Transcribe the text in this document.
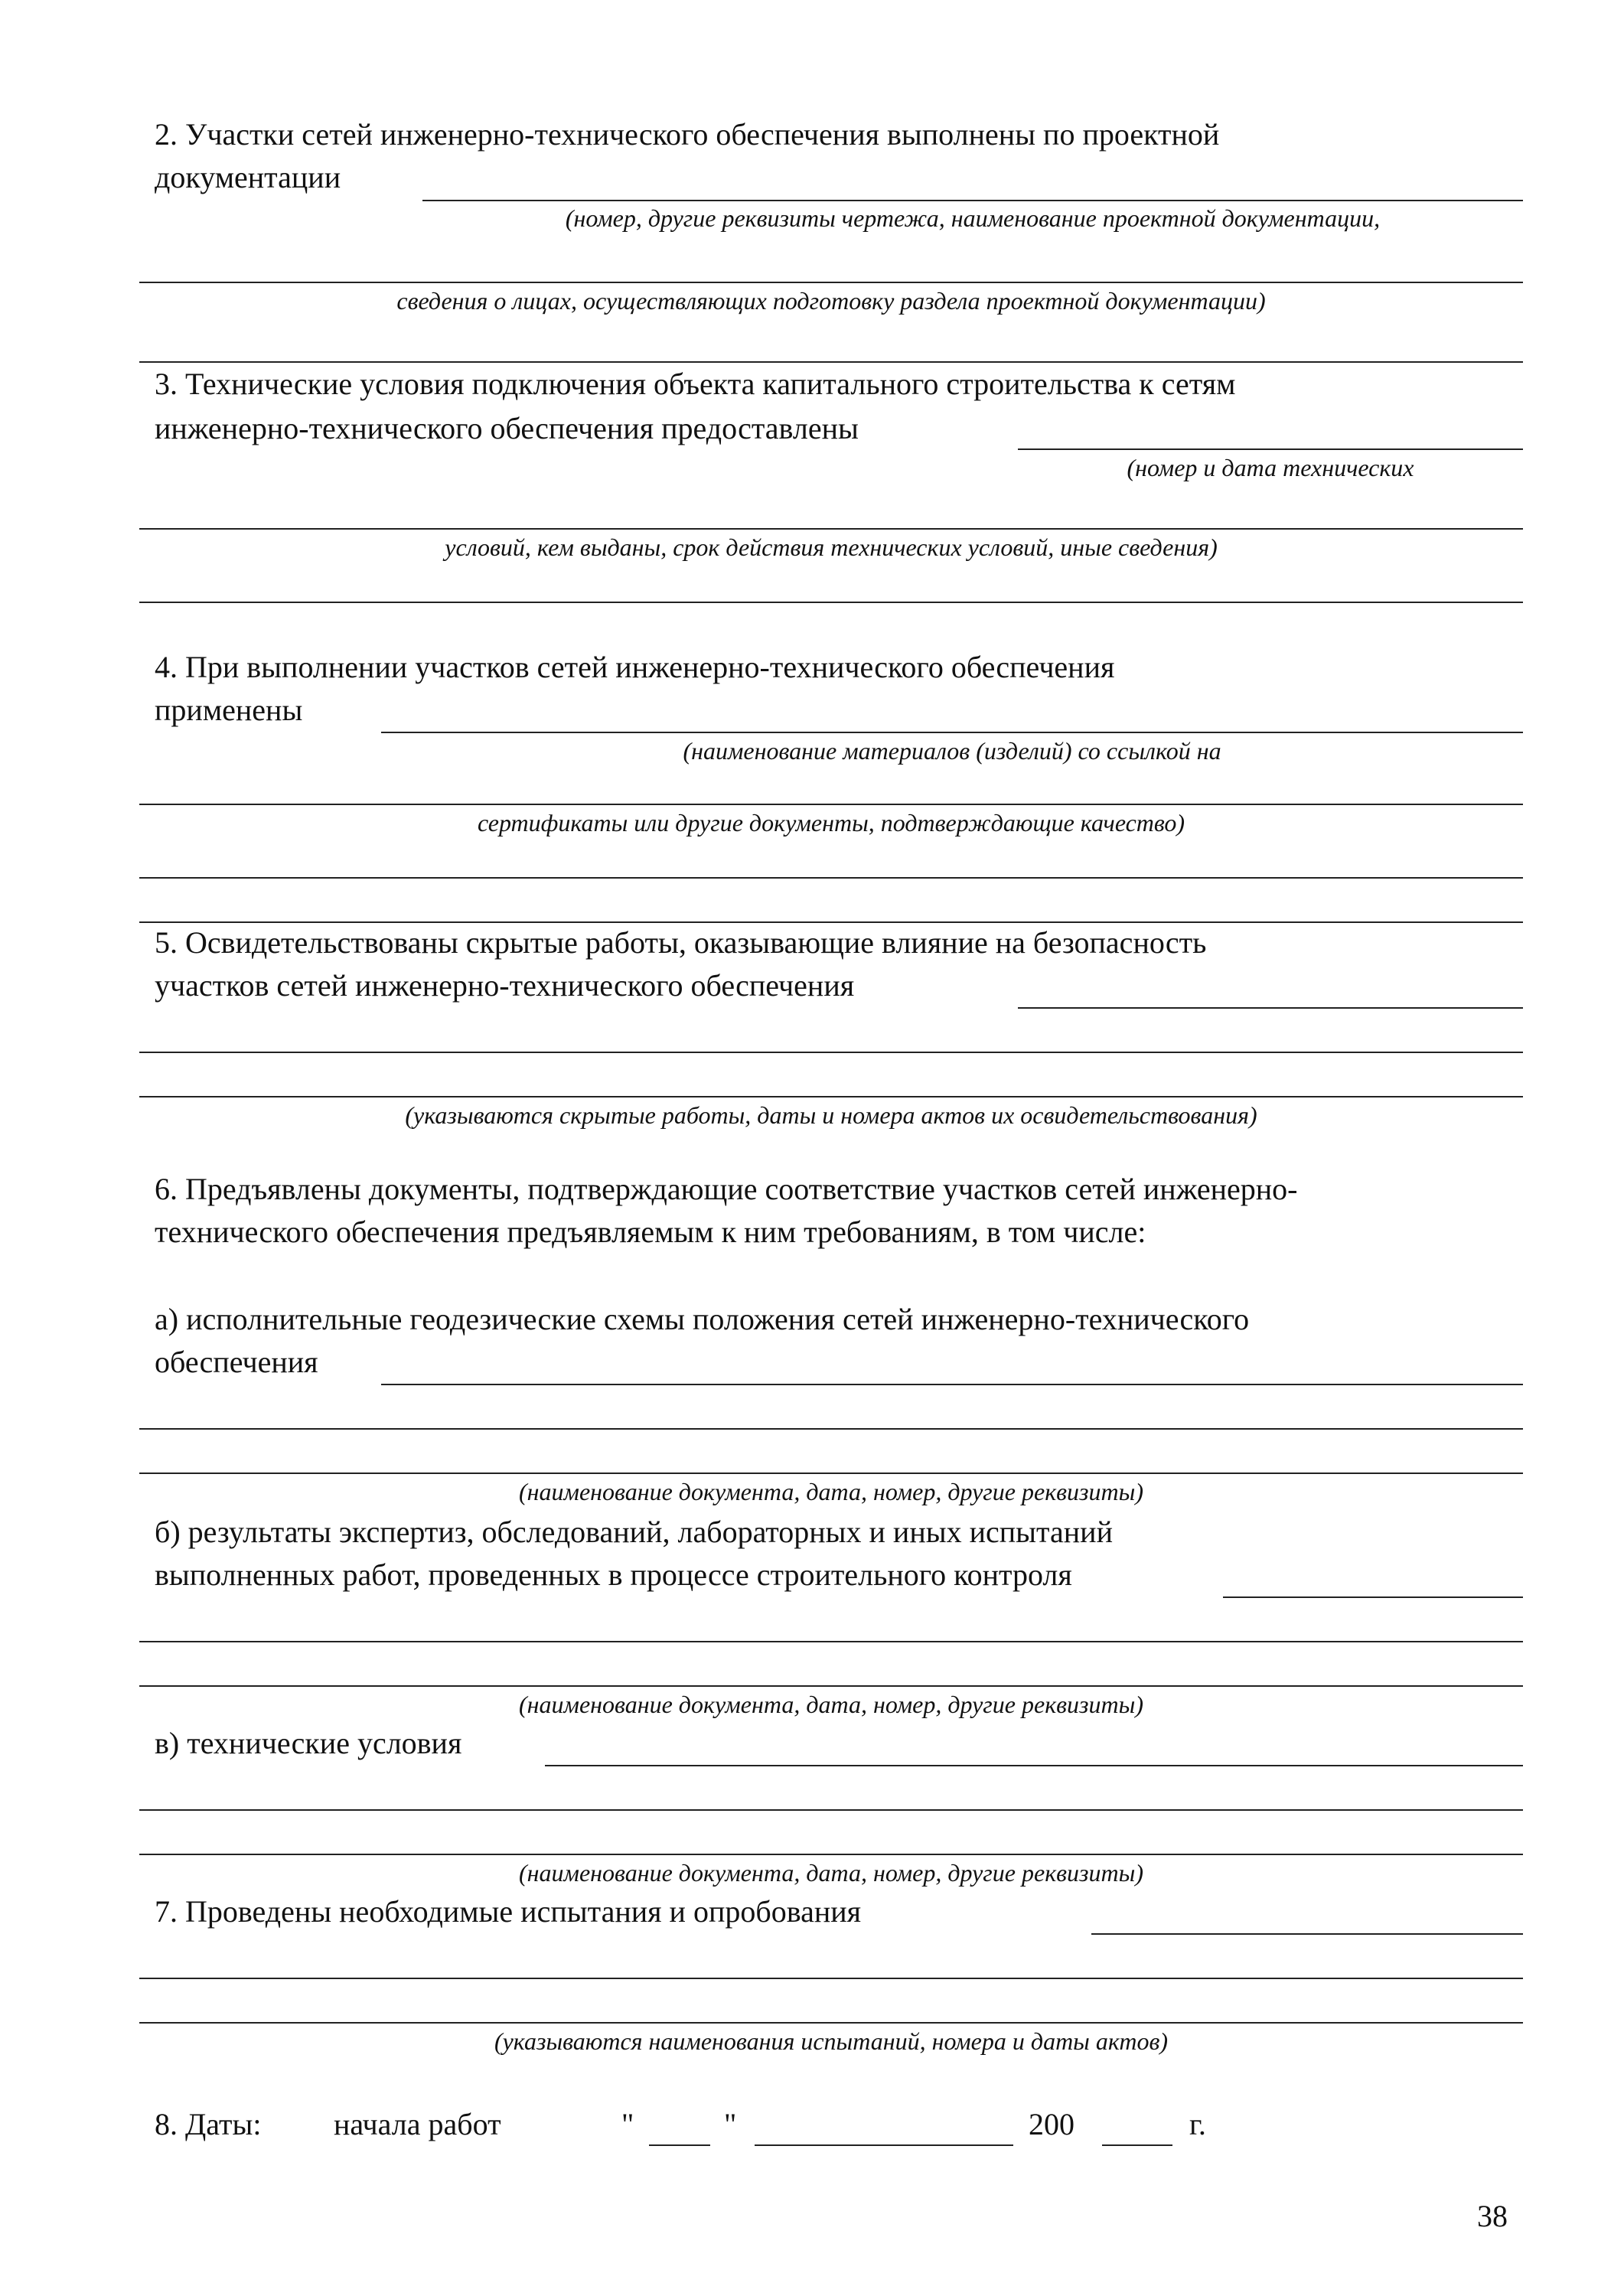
2. Участки сетей инженерно-технического обеспечения выполнены по проектной
документации
(номер, другие реквизиты чертежа, наименование проектной документации,
сведения о лицах, осуществляющих подготовку раздела проектной документации)
3. Технические условия подключения объекта капитального строительства к сетям
инженерно-технического обеспечения предоставлены
(номер и дата технических
условий, кем выданы, срок действия технических условий, иные сведения)
4. При выполнении участков сетей инженерно-технического обеспечения
применены
(наименование материалов (изделий) со ссылкой на
сертификаты или другие документы, подтверждающие качество)
5. Освидетельствованы скрытые работы, оказывающие влияние на безопасность
участков сетей инженерно-технического обеспечения
(указываются скрытые работы, даты и номера актов их освидетельствования)
6. Предъявлены документы, подтверждающие соответствие участков сетей инженерно-
технического обеспечения предъявляемым к ним требованиям, в том числе:
а) исполнительные геодезические схемы положения сетей инженерно-технического
обеспечения
(наименование документа, дата, номер, другие реквизиты)
б) результаты экспертиз, обследований, лабораторных и иных испытаний
выполненных работ, проведенных в процессе строительного контроля
(наименование документа, дата, номер, другие реквизиты)
в) технические условия
(наименование документа, дата, номер, другие реквизиты)
7. Проведены необходимые испытания и опробования
(указываются наименования испытаний, номера и даты актов)
8. Даты: начала работ	"	"	200	г.
38
